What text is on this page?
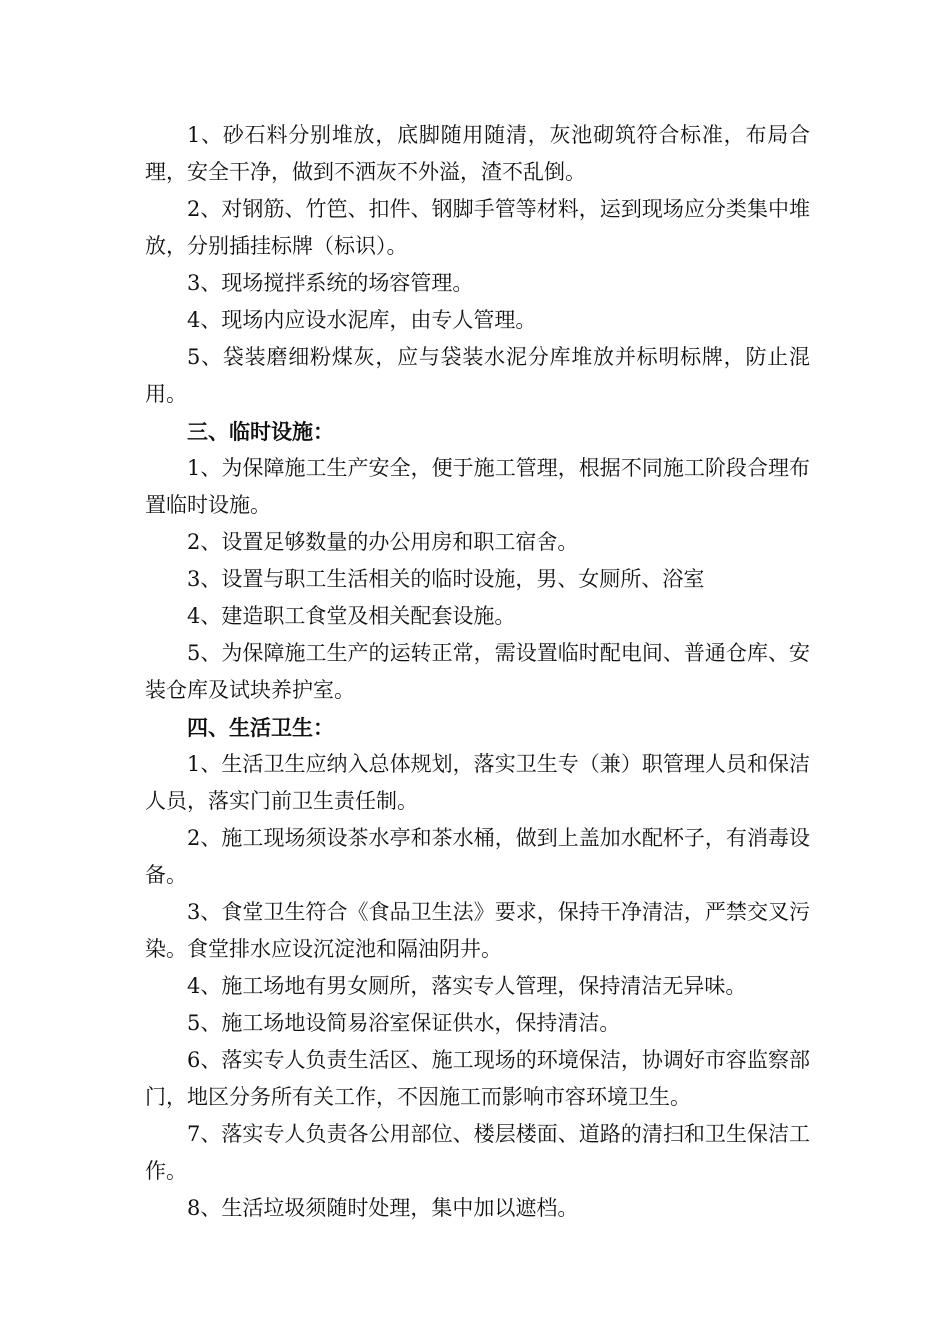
1、砂石料分别堆放，底脚随用随清，灰池砌筑符合标准，布局合理，安全干净，做到不洒灰不外溢，渣不乱倒。

2、对钢筋、竹笆、扣件、钢脚手管等材料，运到现场应分类集中堆放，分别插挂标牌（标识）。

3、现场搅拌系统的场容管理。

4、现场内应设水泥库，由专人管理。

5、袋装磨细粉煤灰，应与袋装水泥分库堆放并标明标牌，防止混用。

三、临时设施：

1、为保障施工生产安全，便于施工管理，根据不同施工阶段合理布置临时设施。

2、设置足够数量的办公用房和职工宿舍。

3、设置与职工生活相关的临时设施，男、女厕所、浴室

4、建造职工食堂及相关配套设施。

5、为保障施工生产的运转正常，需设置临时配电间、普通仓库、安装仓库及试块养护室。

四、生活卫生：

1、生活卫生应纳入总体规划，落实卫生专（兼）职管理人员和保洁人员，落实门前卫生责任制。

2、施工现场须设茶水亭和茶水桶，做到上盖加水配杯子，有消毒设备。

3、食堂卫生符合《食品卫生法》要求，保持干净清洁，严禁交叉污染。食堂排水应设沉淀池和隔油阴井。

4、施工场地有男女厕所，落实专人管理，保持清洁无异味。

5、施工场地设简易浴室保证供水，保持清洁。

6、落实专人负责生活区、施工现场的环境保洁，协调好市容监察部门，地区分务所有关工作，不因施工而影响市容环境卫生。

7、落实专人负责各公用部位、楼层楼面、道路的清扫和卫生保洁工作。

8、生活垃圾须随时处理，集中加以遮档。
